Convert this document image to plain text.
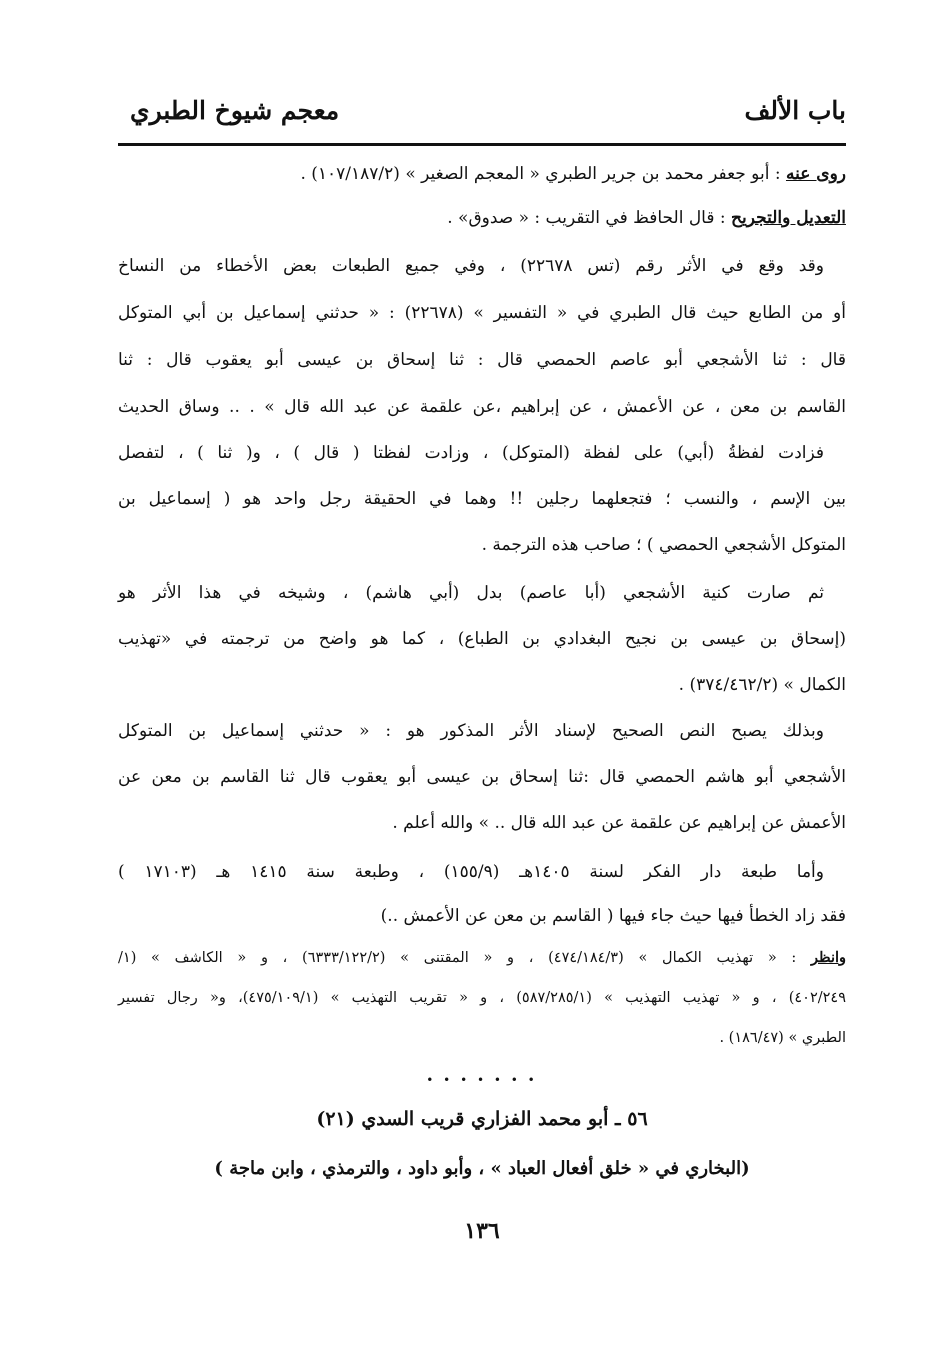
باب الألف
معجم شيوخ الطبري
روى عنه : أبو جعفر محمد بن جرير الطبري « المعجم الصغير » (١٠٧/١٨٧/٢) .
التعديل والتجريح : قال الحافظ في التقريب : « صدوق» .
وقد وقع في الأثر رقم (تس ٢٢٦٧٨) ، وفي جميع الطبعات بعض الأخطاء من النساخ
أو من الطابع حيث قال الطبري في « التفسير » (٢٢٦٧٨) : « حدثني إسماعيل بن أبي المتوكل
قال : ثنا الأشجعي أبو عاصم الحمصي قال : ثنا إسحاق بن عيسى أبو يعقوب قال : ثنا
القاسم بن معن ، عن الأعمش ، عن إبراهيم ،عن علقمة عن عبد الله قال » . .. وساق الحديث
فزادت لفظةُ (أبي) على لفظة (المتوكل) ، وزادت لفظتا ( قال ) ، و( ثنا ) ، لتفصل
بين الإسم ، والنسب ؛ فتجعلهما رجلين !! وهما في الحقيقة رجل واحد هو ( إسماعيل بن
المتوكل الأشجعي الحمصي ) ؛ صاحب هذه الترجمة .
ثم صارت كنية الأشجعي (أبا عاصم) بدل (أبي هاشم) ، وشيخه في هذا الأثر هو
(إسحاق بن عيسى بن نجيح البغدادي بن الطباع) ، كما هو واضح من ترجمته في «تهذيب
الكمال » (٣٧٤/٤٦٢/٢) .
وبذلك يصبح النص الصحيح لإسناد الأثر المذكور هو : « حدثني إسماعيل بن المتوكل
الأشجعي أبو هاشم الحمصي قال :ثنا إسحاق بن عيسى أبو يعقوب قال ثنا القاسم بن معن عن
الأعمش عن إبراهيم عن علقمة عن عبد الله قال .. » والله أعلم .
وأما طبعة دار الفكر لسنة ١٤٠٥هـ (١٥٥/٩) ، وطبعة سنة ١٤١٥ هـ (١٧١٠٣ )
فقد زاد الخطأ فيها حيث جاء فيها ( القاسم بن معن عن الأعمش ..)
وانظر : « تهذيب الكمال » (٤٧٤/١٨٤/٣) ، و « المقتنى » (٦٣٣٣/١٢٢/٢) ، و « الكاشف » (١/
٤٠٢/٢٤٩) ، و « تهذيب التهذيب » (٥٨٧/٢٨٥/١) ، و « تقريب التهذيب » (٤٧٥/١٠٩/١)، و« رجال تفسير
الطبري » (١٨٦/٤٧) .
• • • • • • •
٥٦ ـ أبو محمد الفزاري قريب السدي (٢١)
(البخاري في « خلق أفعال العباد » ، وأبو داود ، والترمذي ، وابن ماجة )
١٣٦
